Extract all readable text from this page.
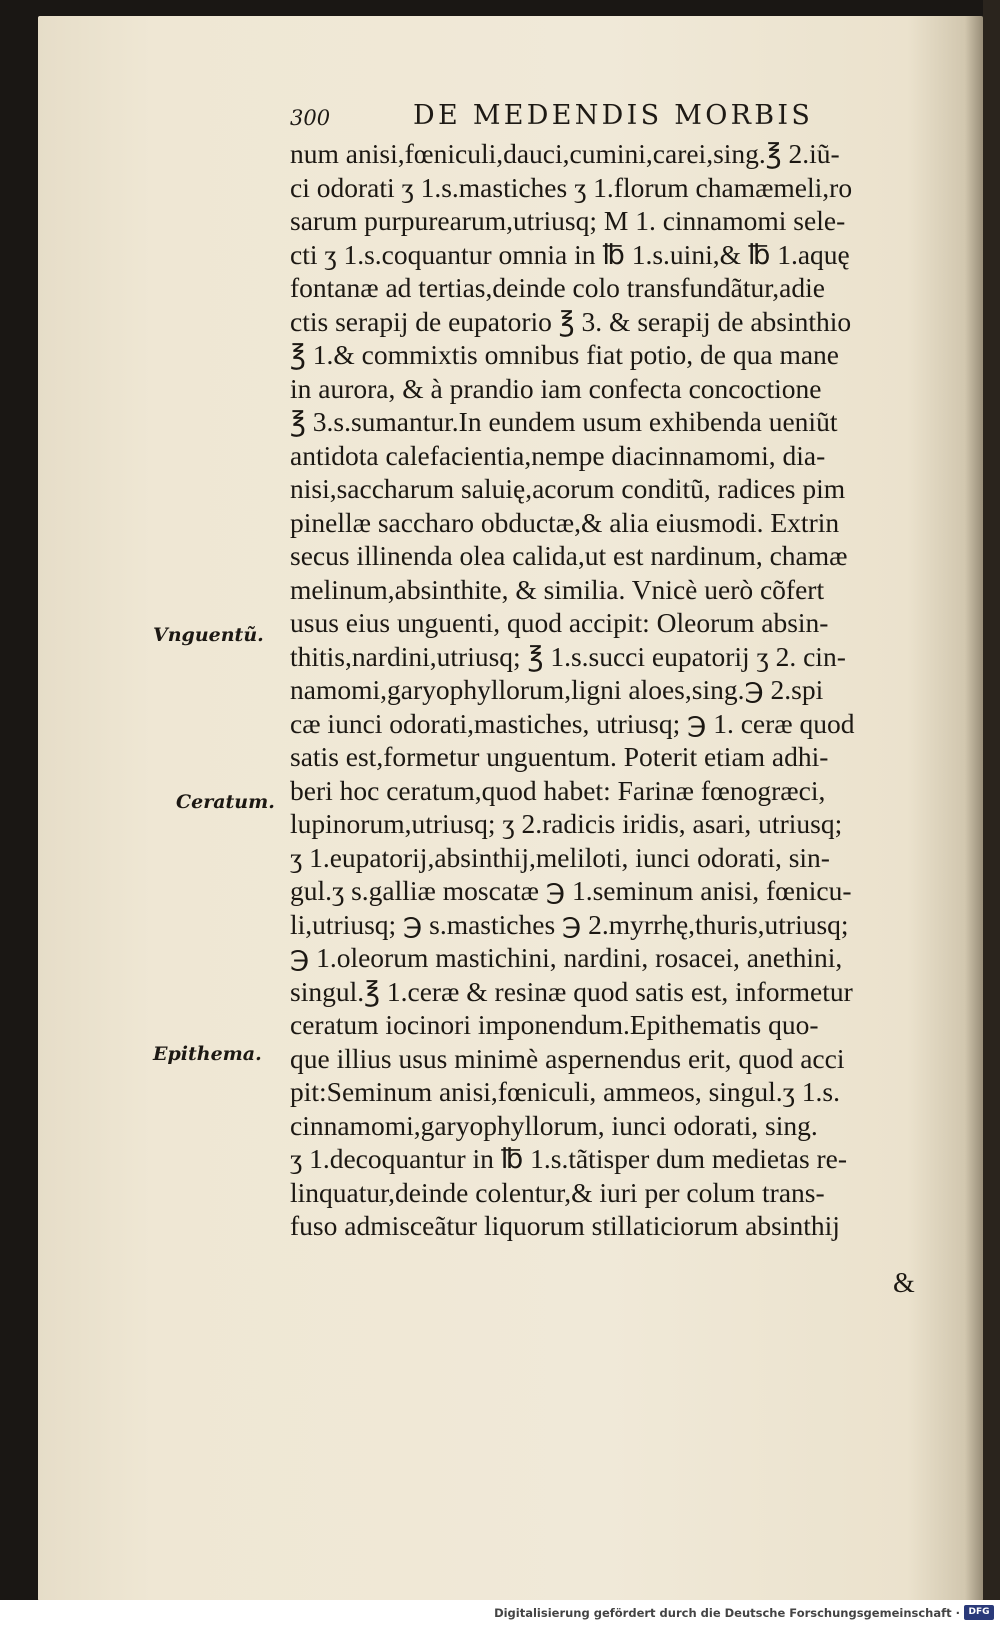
300	DE MEDENDIS MORBIS
num anisi,fœniculi,dauci,cumini,carei,sing.℥ 2.iũ-
ci odorati ʒ 1.s.mastiches ʒ 1.florum chamæmeli,ro
sarum purpurearum,utriusq; M 1. cinnamomi sele-
cti ʒ 1.s.coquantur omnia in ℔ 1.s.uini,& ℔ 1.aquę
fontanæ ad tertias,deinde colo transfundãtur,adie
ctis serapij de eupatorio ℥ 3. & serapij de absinthio
℥ 1.& commixtis omnibus fiat potio, de qua mane
in aurora, & à prandio iam confecta concoctione
℥ 3.s.sumantur.In eundem usum exhibenda ueniũt
antidota calefacientia,nempe diacinnamomi, dia-
nisi,saccharum saluię,acorum conditũ, radices pim
pinellæ saccharo obductæ,& alia eiusmodi. Extrin
secus illinenda olea calida,ut est nardinum, chamæ
melinum,absinthite, & similia. Vnicè uerò cõfert
usus eius unguenti, quod accipit: Oleorum absin-
thitis,nardini,utriusq; ℥ 1.s.succi eupatorij ʒ 2. cin-
namomi,garyophyllorum,ligni aloes,sing.℈ 2.spi
cæ iunci odorati,mastiches, utriusq; ℈ 1. ceræ quod
satis est,formetur unguentum. Poterit etiam adhi-
beri hoc ceratum,quod habet: Farinæ fœnogræci,
lupinorum,utriusq; ʒ 2.radicis iridis, asari, utriusq;
ʒ 1.eupatorij,absinthij,meliloti, iunci odorati, sin-
gul.ʒ s.galliæ moscatæ ℈ 1.seminum anisi, fœnicu-
li,utriusq; ℈ s.mastiches ℈ 2.myrrhę,thuris,utriusq;
℈ 1.oleorum mastichini, nardini, rosacei, anethini,
singul.℥ 1.ceræ & resinæ quod satis est, informetur
ceratum iocinori imponendum.Epithematis quo-
que illius usus minimè aspernendus erit, quod acci
pit:Seminum anisi,fœniculi, ammeos, singul.ʒ 1.s.
cinnamomi,garyophyllorum, iunci odorati, sing.
ʒ 1.decoquantur in ℔ 1.s.tãtisper dum medietas re-
linquatur,deinde colentur,& iuri per colum trans-
fuso admisceãtur liquorum stillaticiorum absinthij
&
Vnguentũ.
Ceratum.
Epithema.
Digitalisierung gefördert durch die Deutsche Forschungsgemeinschaft · DFG
